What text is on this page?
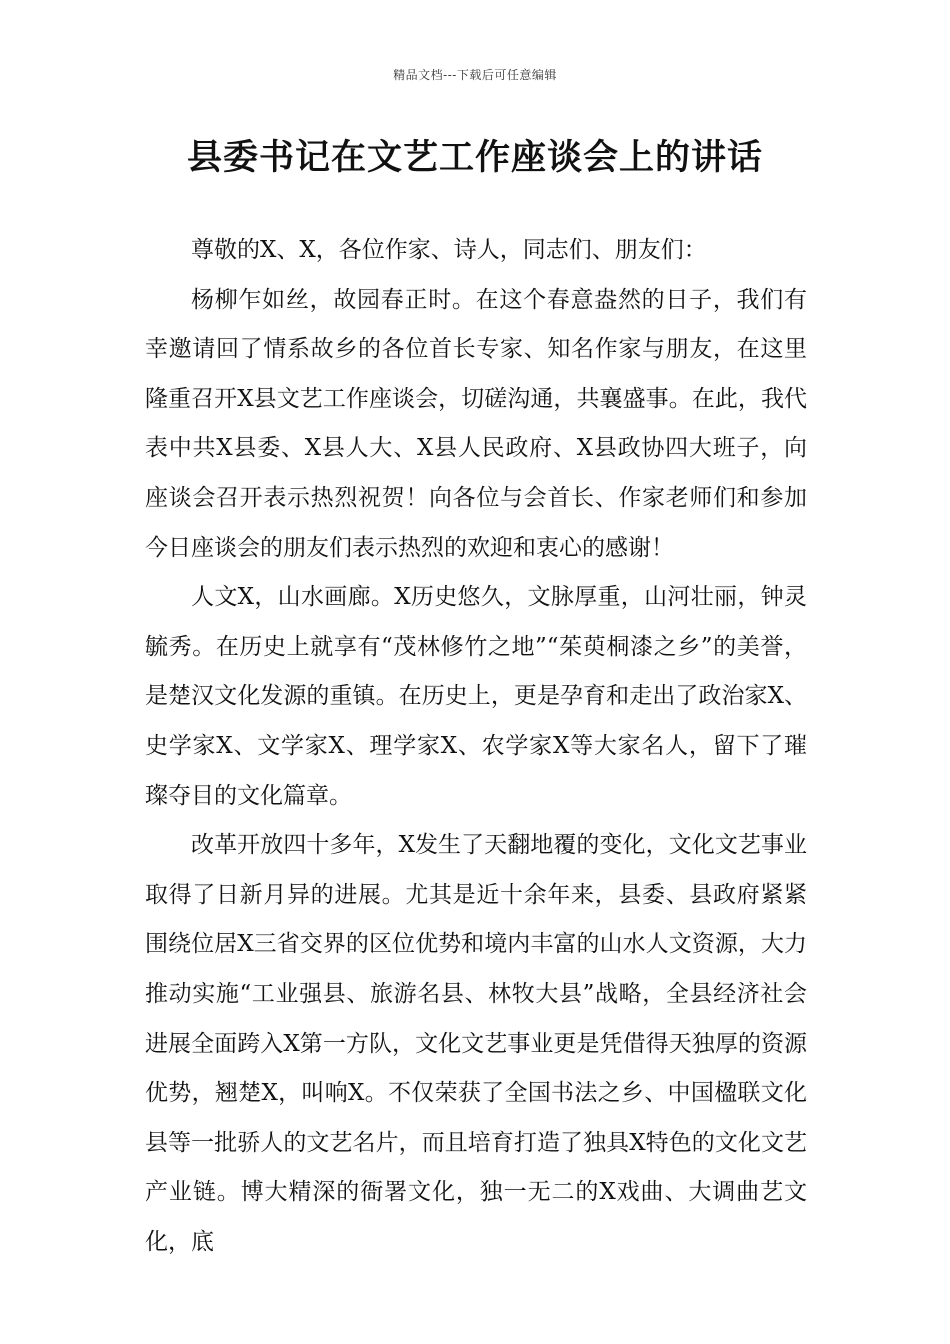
精品文档---下载后可任意编辑
县委书记在文艺工作座谈会上的讲话

尊敬的X、X，各位作家、诗人，同志们、朋友们：

杨柳乍如丝，故园春正时。在这个春意盎然的日子，我们有幸邀请回了情系故乡的各位首长专家、知名作家与朋友，在这里隆重召开X县文艺工作座谈会，切磋沟通，共襄盛事。在此，我代表中共X县委、X县人大、X县人民政府、X县政协四大班子，向座谈会召开表示热烈祝贺！向各位与会首长、作家老师们和参加今日座谈会的朋友们表示热烈的欢迎和衷心的感谢！

人文X，山水画廊。X历史悠久，文脉厚重，山河壮丽，钟灵毓秀。在历史上就享有“茂林修竹之地”“茱萸桐漆之乡”的美誉，是楚汉文化发源的重镇。在历史上，更是孕育和走出了政治家X、史学家X、文学家X、理学家X、农学家X等大家名人，留下了璀璨夺目的文化篇章。

改革开放四十多年，X发生了天翻地覆的变化，文化文艺事业取得了日新月异的进展。尤其是近十余年来，县委、县政府紧紧围绕位居X三省交界的区位优势和境内丰富的山水人文资源，大力推动实施“工业强县、旅游名县、林牧大县”战略，全县经济社会进展全面跨入X第一方队，文化文艺事业更是凭借得天独厚的资源优势，翘楚X，叫响X。不仅荣获了全国书法之乡、中国楹联文化县等一批骄人的文艺名片，而且培育打造了独具X特色的文化文艺产业链。博大精深的衙署文化，独一无二的X戏曲、大调曲艺文化，底
